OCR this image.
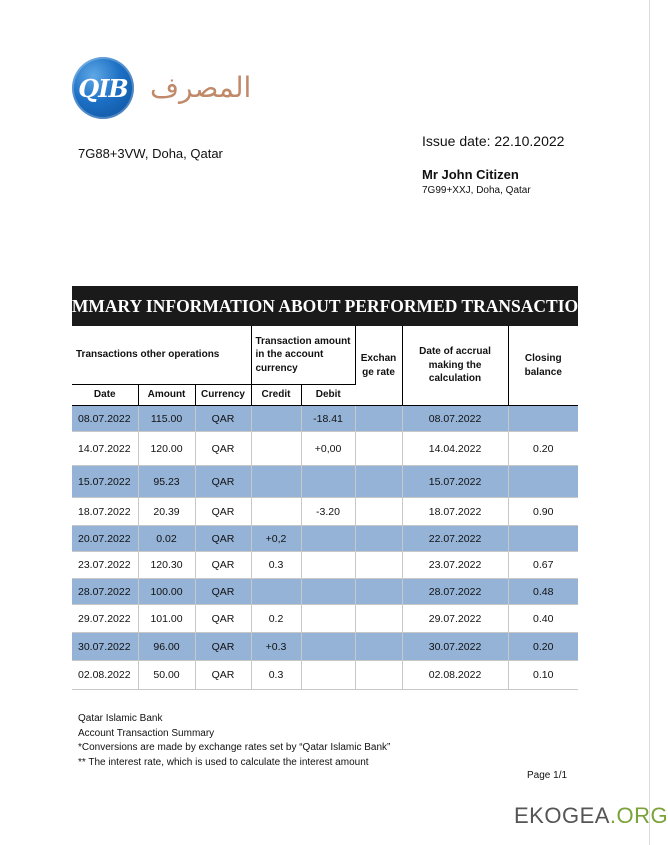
QIB المصرف
7G88+3VW, Doha, Qatar
Issue date: 22.10.2022
Mr John Citizen
7G99+XXJ, Doha, Qatar
SUMMARY INFORMATION ABOUT PERFORMED TRANSACTIONS
Transactions other operations			Transaction amount in the account currency		Exchan ge rate	Date of accrual making the calculation	Closing balance
Date	Amount	Currency	Credit	Debit			
08.07.2022	115.00	QAR		-18.41		08.07.2022	
14.07.2022	120.00	QAR		+0,00		14.04.2022	0.20
15.07.2022	95.23	QAR				15.07.2022	
18.07.2022	20.39	QAR		-3.20		18.07.2022	0.90
20.07.2022	0.02	QAR	+0,2			22.07.2022	
23.07.2022	120.30	QAR	0.3			23.07.2022	0.67
28.07.2022	100.00	QAR				28.07.2022	0.48
29.07.2022	101.00	QAR	0.2			29.07.2022	0.40
30.07.2022	96.00	QAR	+0.3			30.07.2022	0.20
02.08.2022	50.00	QAR	0.3			02.08.2022	0.10
Qatar Islamic Bank
Account Transaction Summary
*Conversions are made by exchange rates set by “Qatar Islamic Bank”
** The interest rate, which is used to calculate the interest amount
Page 1/1
EKOGEA.ORG
